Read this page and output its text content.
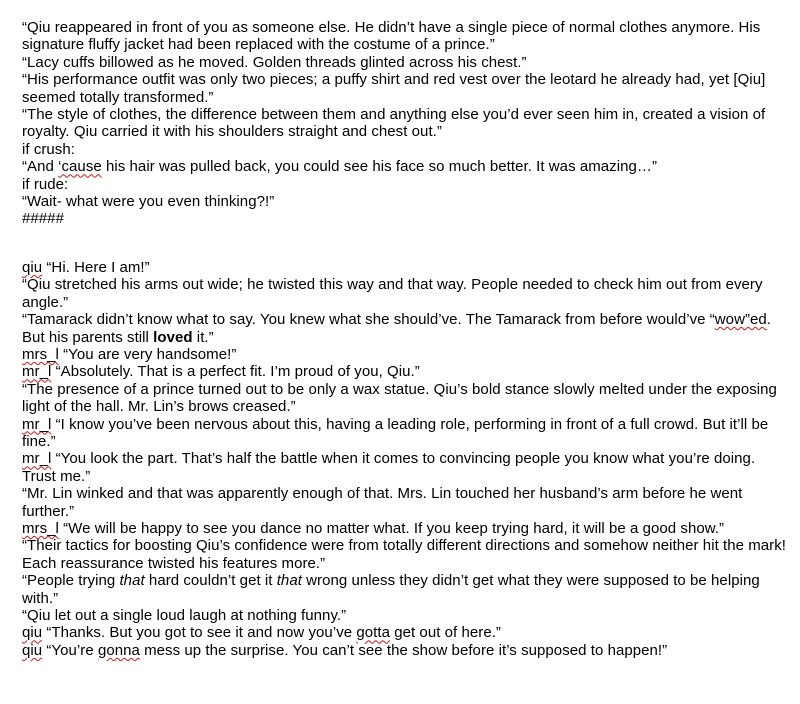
“Qiu reappeared in front of you as someone else. He didn’t have a single piece of normal clothes anymore. His signature fluffy jacket had been replaced with the costume of a prince.”

“Lacy cuffs billowed as he moved. Golden threads glinted across his chest.”

“His performance outfit was only two pieces; a puffy shirt and red vest over the leotard he already had, yet [Qiu] seemed totally transformed.”

“The style of clothes, the difference between them and anything else you’d ever seen him in, created a vision of royalty. Qiu carried it with his shoulders straight and chest out.”

if crush:

“And ‘cause his hair was pulled back, you could see his face so much better. It was amazing…”

if rude:

“Wait- what were you even thinking?!”

#####

qiu “Hi. Here I am!”

“Qiu stretched his arms out wide; he twisted this way and that way. People needed to check him out from every angle.”

“Tamarack didn’t know what to say. You knew what she should’ve. The Tamarack from before would’ve “wow”ed. But his parents still loved it.”

mrs_l “You are very handsome!”

mr_l “Absolutely. That is a perfect fit. I’m proud of you, Qiu.”

“The presence of a prince turned out to be only a wax statue. Qiu’s bold stance slowly melted under the exposing light of the hall. Mr. Lin’s brows creased.”

mr_l “I know you’ve been nervous about this, having a leading role, performing in front of a full crowd. But it’ll be fine.”

mr_l “You look the part. That’s half the battle when it comes to convincing people you know what you’re doing. Trust me.”

“Mr. Lin winked and that was apparently enough of that. Mrs. Lin touched her husband’s arm before he went further.”

mrs_l “We will be happy to see you dance no matter what. If you keep trying hard, it will be a good show.”

“Their tactics for boosting Qiu’s confidence were from totally different directions and somehow neither hit the mark! Each reassurance twisted his features more.”

“People trying that hard couldn’t get it that wrong unless they didn’t get what they were supposed to be helping with.”

“Qiu let out a single loud laugh at nothing funny.”

qiu “Thanks. But you got to see it and now you’ve gotta get out of here.”

qiu “You’re gonna mess up the surprise. You can’t see the show before it’s supposed to happen!”
